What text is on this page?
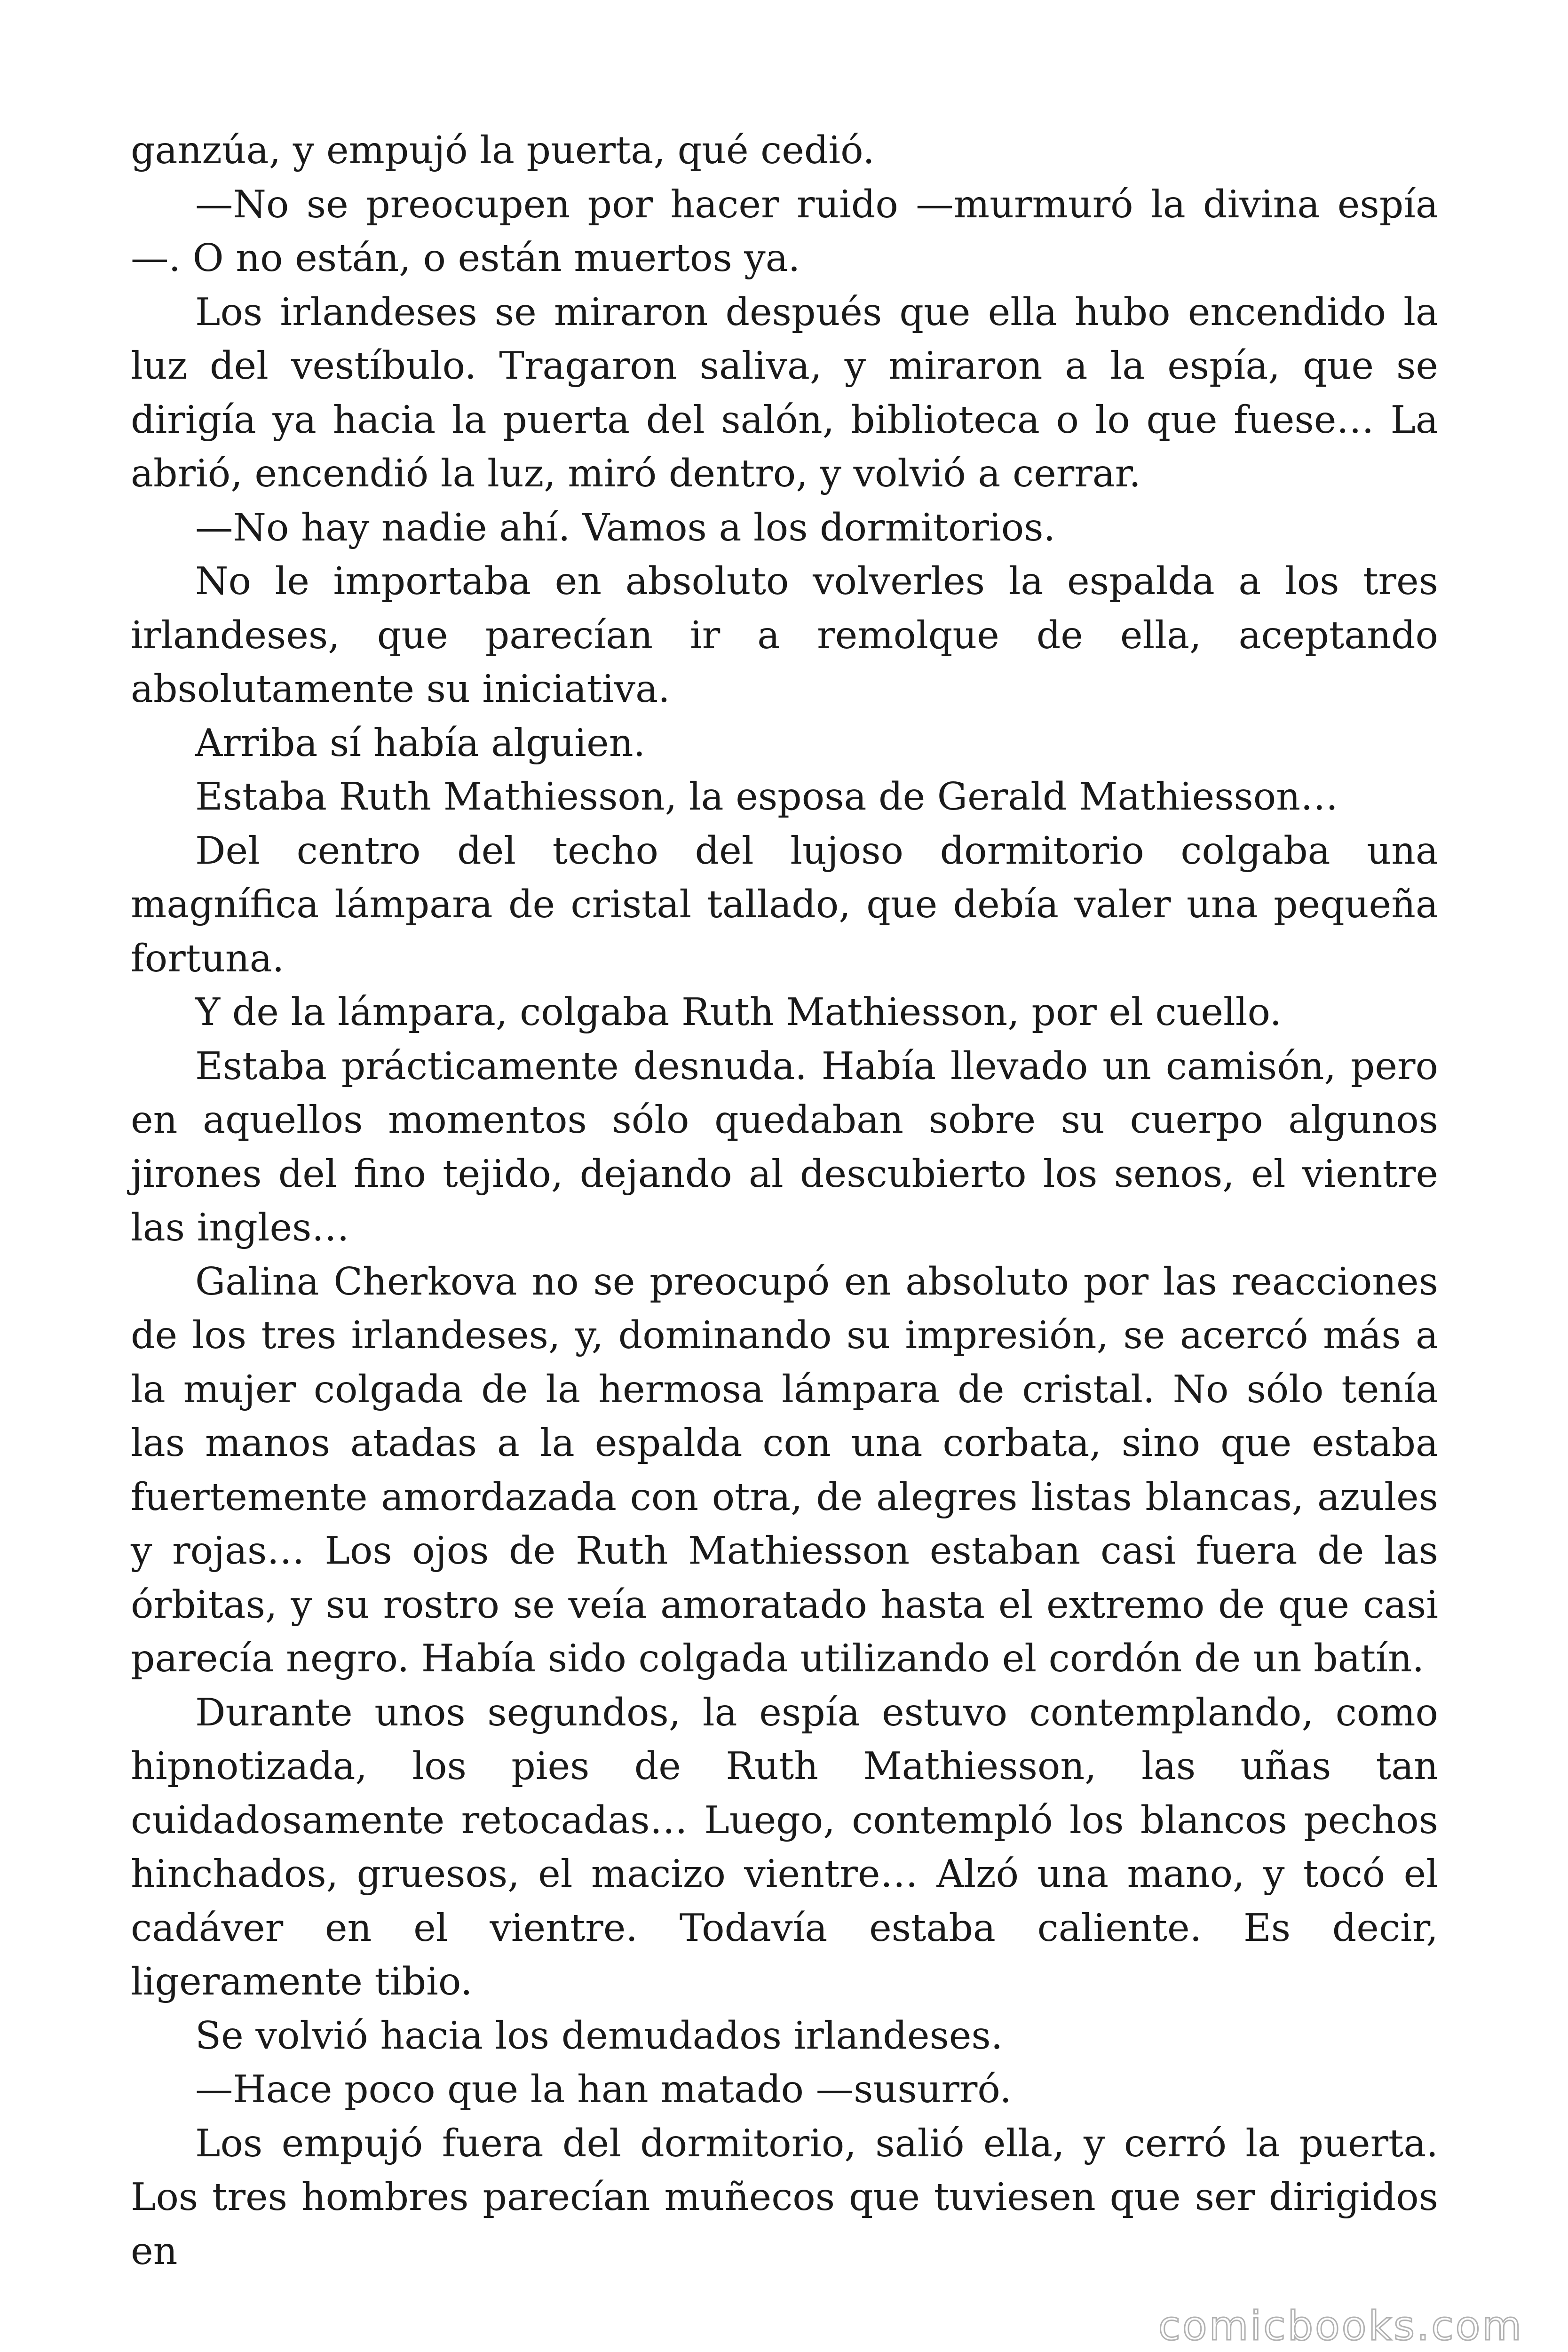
ganzúa, y empujó la puerta, qué cedió.

—No se preocupen por hacer ruido —murmuró la divina espía —. O no están, o están muertos ya.

Los irlandeses se miraron después que ella hubo encendido la luz del vestíbulo. Tragaron saliva, y miraron a la espía, que se dirigía ya hacia la puerta del salón, biblioteca o lo que fuese… La abrió, encendió la luz, miró dentro, y volvió a cerrar.

—No hay nadie ahí. Vamos a los dormitorios.

No le importaba en absoluto volverles la espalda a los tres irlandeses, que parecían ir a remolque de ella, aceptando absolutamente su iniciativa.

Arriba sí había alguien.

Estaba Ruth Mathiesson, la esposa de Gerald Mathiesson…

Del centro del techo del lujoso dormitorio colgaba una magnífica lámpara de cristal tallado, que debía valer una pequeña fortuna.

Y de la lámpara, colgaba Ruth Mathiesson, por el cuello.

Estaba prácticamente desnuda. Había llevado un camisón, pero en aquellos momentos sólo quedaban sobre su cuerpo algunos jirones del fino tejido, dejando al descubierto los senos, el vientre las ingles…

Galina Cherkova no se preocupó en absoluto por las reacciones de los tres irlandeses, y, dominando su impresión, se acercó más a la mujer colgada de la hermosa lámpara de cristal. No sólo tenía las manos atadas a la espalda con una corbata, sino que estaba fuertemente amordazada con otra, de alegres listas blancas, azules y rojas… Los ojos de Ruth Mathiesson estaban casi fuera de las órbitas, y su rostro se veía amoratado hasta el extremo de que casi parecía negro. Había sido colgada utilizando el cordón de un batín.

Durante unos segundos, la espía estuvo contemplando, como hipnotizada, los pies de Ruth Mathiesson, las uñas tan cuidadosamente retocadas… Luego, contempló los blancos pechos hinchados, gruesos, el macizo vientre… Alzó una mano, y tocó el cadáver en el vientre. Todavía estaba caliente. Es decir, ligeramente tibio.

Se volvió hacia los demudados irlandeses.

—Hace poco que la han matado —susurró.

Los empujó fuera del dormitorio, salió ella, y cerró la puerta. Los tres hombres parecían muñecos que tuviesen que ser dirigidos en

comicbooks.com
